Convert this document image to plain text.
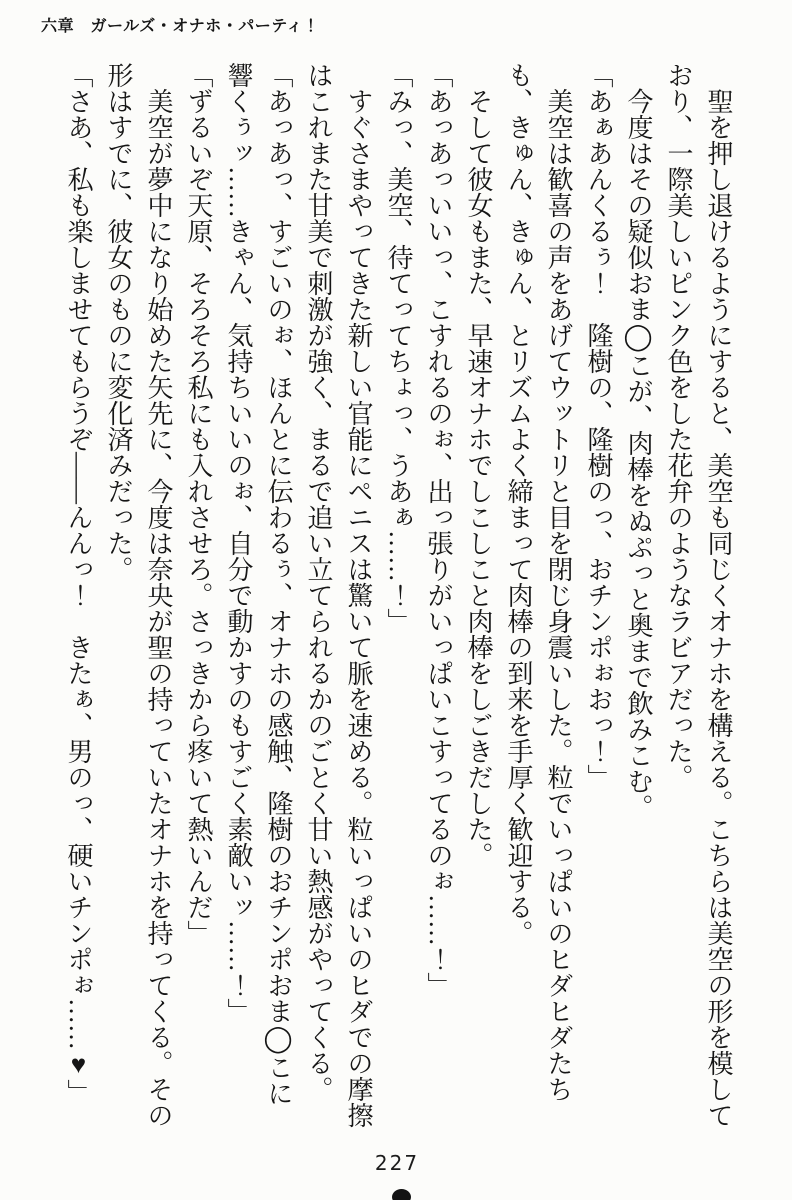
六章　ガールズ・オナホ・パーティ！

聖を押し退けるようにすると、美空も同じくオナホを構える。こちらは美空の形を模しており、一際美しいピンク色をした花弁のようなラビアだった。

今度はその疑似おま◯こが、肉棒をぬぷっと奥まで飲みこむ。

「あぁあんくるぅ！　隆樹の、隆樹のっ、おチンポぉおっ！」

美空は歓喜の声をあげてウットリと目を閉じ身震いした。粒でいっぱいのヒダヒダたちも、きゅん、きゅん、とリズムよく締まって肉棒の到来を手厚く歓迎する。

そして彼女もまた、早速オナホでしこしこと肉棒をしごきだした。

「あっあっいいっ、こすれるのぉ、出っ張りがいっぱいこすってるのぉ……！」

「みっ、美空、待てってちょっ、うあぁ……！」

すぐさまやってきた新しい官能にペニスは驚いて脈を速める。粒いっぱいのヒダでの摩擦はこれまた甘美で刺激が強く、まるで追い立てられるかのごとく甘い熱感がやってくる。

「あっあっ、すごいのぉ、ほんとに伝わるぅ、オナホの感触、隆樹のおチンポおま◯こに響くぅッ……きゃん、気持ちいいのぉ、自分で動かすのもすごく素敵いッ……！」

「ずるいぞ天原、そろそろ私にも入れさせろ。さっきから疼いて熱いんだ」

美空が夢中になり始めた矢先に、今度は奈央が聖の持っていたオナホを持ってくる。その形はすでに、彼女のものに変化済みだった。

「さあ、私も楽しませてもらうぞ――んんっ！　きたぁ、男のっ、硬いチンポぉ……♥」

227
